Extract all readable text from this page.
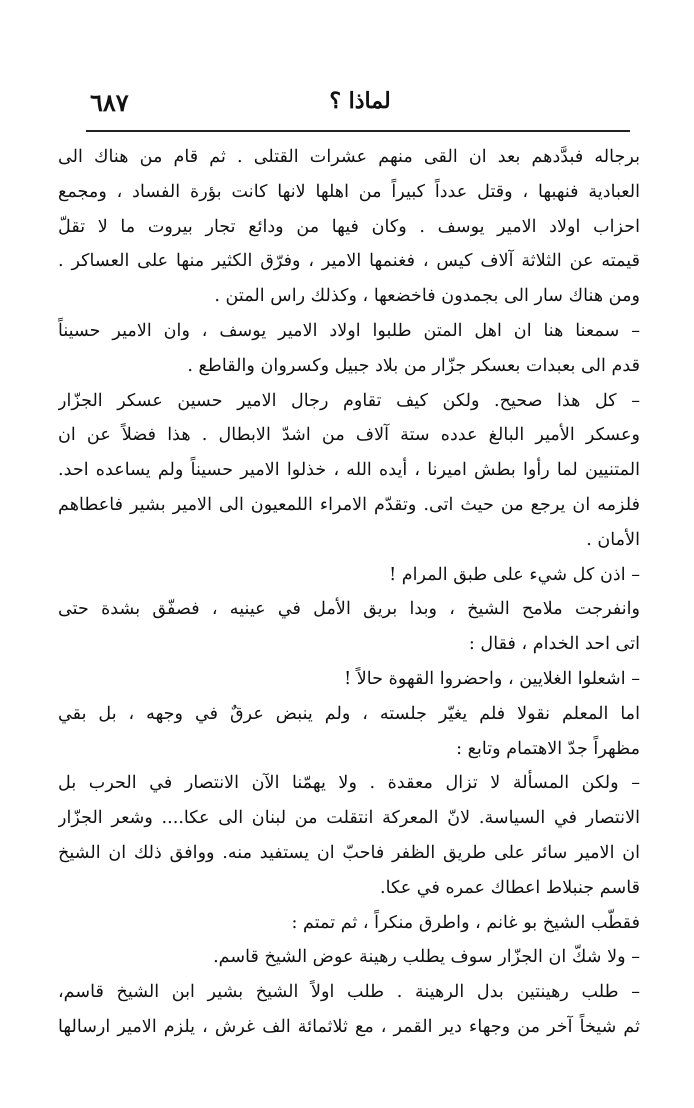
لماذا ؟
٦٨٧
برجاله فبدَّدهم بعد ان القى منهم عشرات القتلى . ثم قام من هناك الى
العبادية فنهبها ، وقتل عدداً كبيراً من اهلها لانها كانت بؤرة الفساد ، ومجمع
احزاب اولاد الامير يوسف . وكان فيها من ودائع تجار بيروت ما لا تقلّ
قيمته عن الثلاثة آلاف كيس ، فغنمها الامير ، وفرّق الكثير منها على العساكر .
ومن هناك سار الى بجمدون فاخضعها ، وكذلك راس المتن .
– سمعنا هنا ان اهل المتن طلبوا اولاد الامير يوسف ، وان الامير حسيناً
قدم الى بعبدات بعسكر جزّار من بلاد جبيل وكسروان والقاطع .
– كل هذا صحيح. ولكن كيف تقاوم رجال الامير حسين عسكر الجزّار
وعسكر الأمير البالغ عدده ستة آلاف من اشدّ الابطال . هذا فضلاً عن ان
المتنيين لما رأوا بطش اميرنا ، أيده الله ، خذلوا الامير حسيناً ولم يساعده احد.
فلزمه ان يرجع من حيث اتى. وتقدّم الامراء اللمعيون الى الامير بشير فاعطاهم
الأمان .
– اذن كل شيء على طبق المرام !
وانفرجت ملامح الشيخ ، وبدا بريق الأمل في عينيه ، فصفّق بشدة حتى
اتى احد الخدام ، فقال :
– اشعلوا الغلايين ، واحضروا القهوة حالاً !
اما المعلم نقولا فلم يغيّر جلسته ، ولم ينبض عرقٌ في وجهه ، بل بقي
مظهراً جدّ الاهتمام وتابع :
– ولكن المسألة لا تزال معقدة . ولا يهمّنا الآن الانتصار في الحرب بل
الانتصار في السياسة. لانّ المعركة انتقلت من لبنان الى عكا.... وشعر الجزّار
ان الامير سائر على طريق الظفر فاحبّ ان يستفيد منه. ووافق ذلك ان الشيخ
قاسم جنبلاط اعطاك عمره في عكا.
فقطّب الشيخ بو غانم ، واطرق منكراً ، ثم تمتم :
– ولا شكّ ان الجزّار سوف يطلب رهينة عوض الشيخ قاسم.
– طلب رهينتين بدل الرهينة . طلب اولاً الشيخ بشير ابن الشيخ قاسم،
ثم شيخاً آخر من وجهاء دير القمر ، مع ثلاثمائة الف غرش ، يلزم الامير ارسالها
